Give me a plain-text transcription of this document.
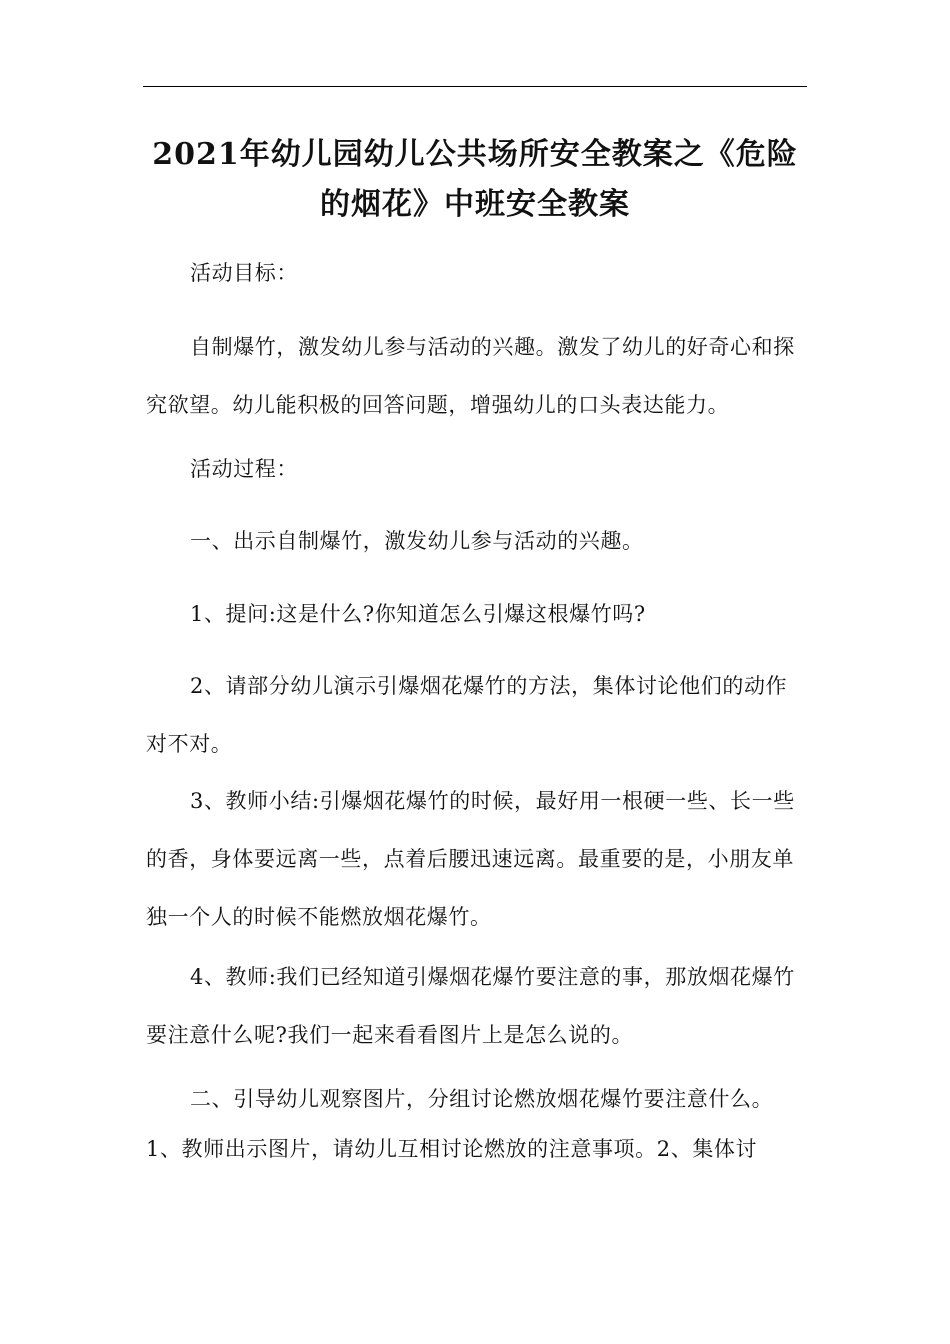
2021年幼儿园幼儿公共场所安全教案之《危险的烟花》中班安全教案

活动目标：

自制爆竹，激发幼儿参与活动的兴趣。激发了幼儿的好奇心和探究欲望。幼儿能积极的回答问题，增强幼儿的口头表达能力。

活动过程：

一、出示自制爆竹，激发幼儿参与活动的兴趣。

1、提问:这是什么?你知道怎么引爆这根爆竹吗?

2、请部分幼儿演示引爆烟花爆竹的方法，集体讨论他们的动作对不对。

3、教师小结:引爆烟花爆竹的时候，最好用一根硬一些、长一些的香，身体要远离一些，点着后腰迅速远离。最重要的是，小朋友单独一个人的时候不能燃放烟花爆竹。

4、教师:我们已经知道引爆烟花爆竹要注意的事，那放烟花爆竹要注意什么呢?我们一起来看看图片上是怎么说的。

二、引导幼儿观察图片，分组讨论燃放烟花爆竹要注意什么。

1、教师出示图片，请幼儿互相讨论燃放的注意事项。2、集体讨
